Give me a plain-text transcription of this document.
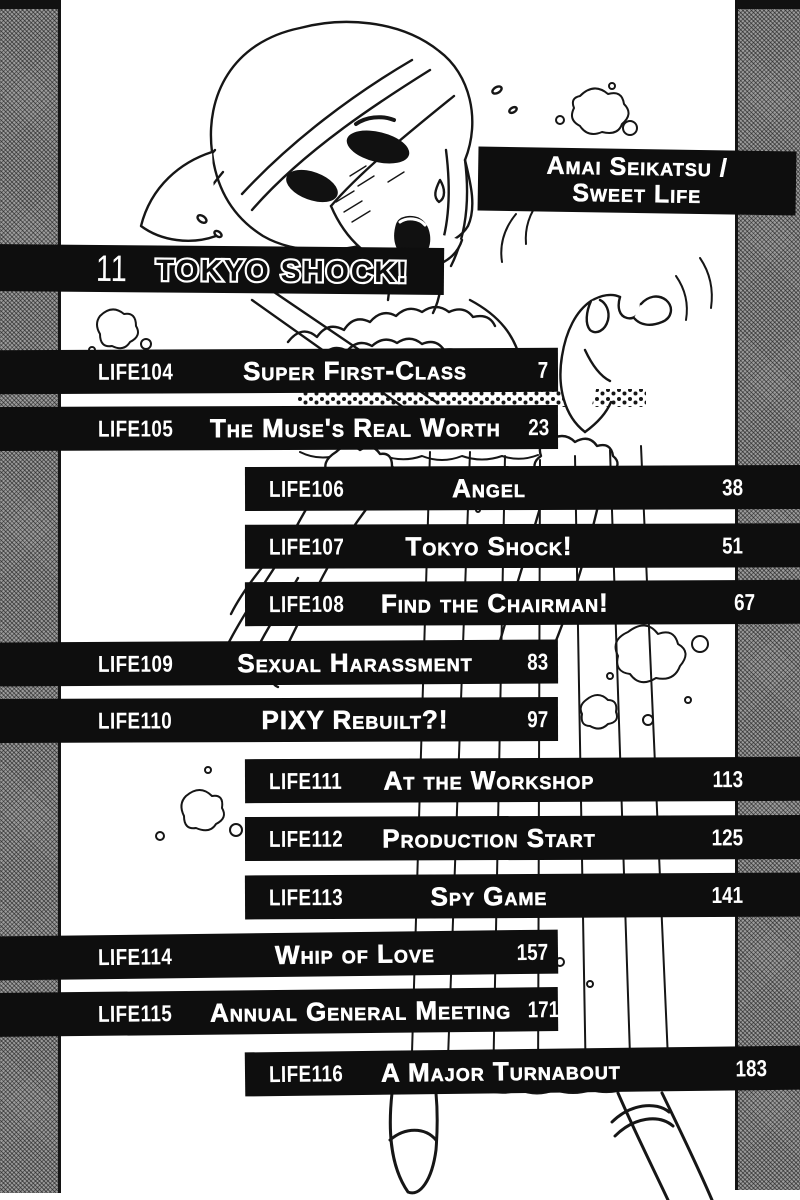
Amai Seikatsu /
Sweet Life
11 TOKYO SHOCK!
LIFE104	Super First-Class	7
LIFE105	The Muse's Real Worth	23
LIFE106	Angel	38
LIFE107	Tokyo Shock!	51
LIFE108	Find the Chairman!	67
LIFE109	Sexual Harassment	83
LIFE110	PIXY Rebuilt?!	97
LIFE111	At the Workshop	113
LIFE112	Production Start	125
LIFE113	Spy Game	141
LIFE114	Whip of Love	157
LIFE115	Annual General Meeting 171
LIFE116	A Major Turnabout	183
